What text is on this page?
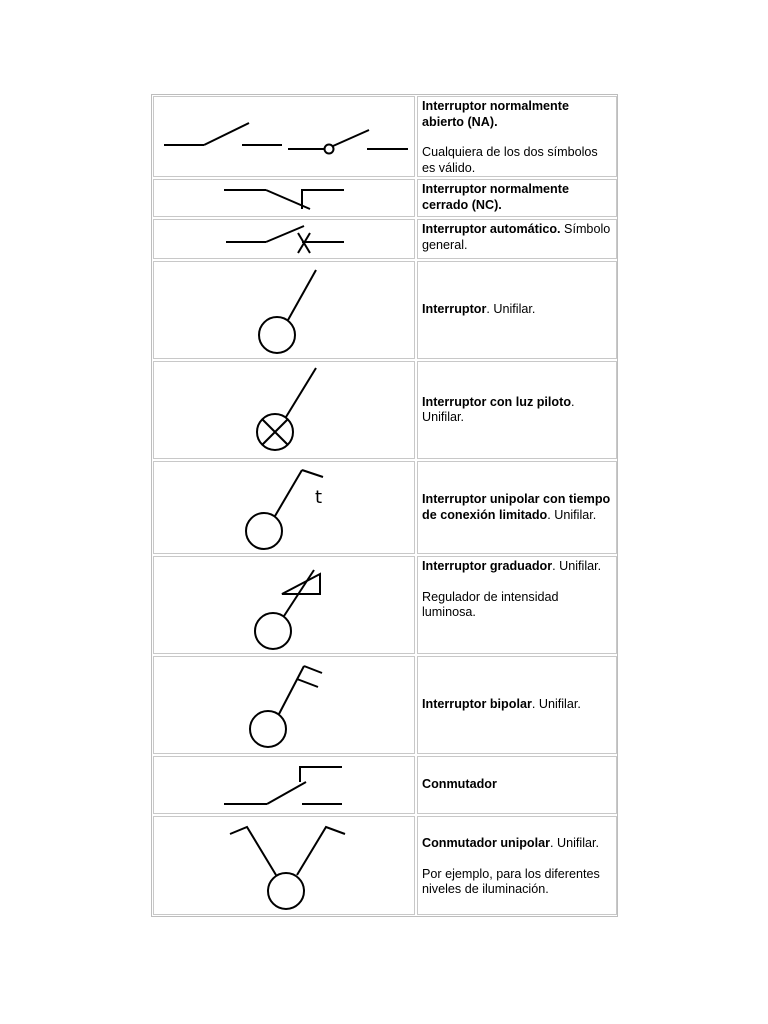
Interruptor normalmente abierto (NA).

Cualquiera de los dos símbolos es válido.

Interruptor normalmente cerrado (NC).

Interruptor automático. Símbolo general.

Interruptor. Unifilar.

Interruptor con luz piloto. Unifilar.

t	Interruptor unipolar con tiempo de conexión limitado. Unifilar.

Interruptor graduador. Unifilar.

Regulador de intensidad luminosa.

Interruptor bipolar. Unifilar.

Conmutador

Conmutador unipolar. Unifilar.

Por ejemplo, para los diferentes niveles de iluminación.
